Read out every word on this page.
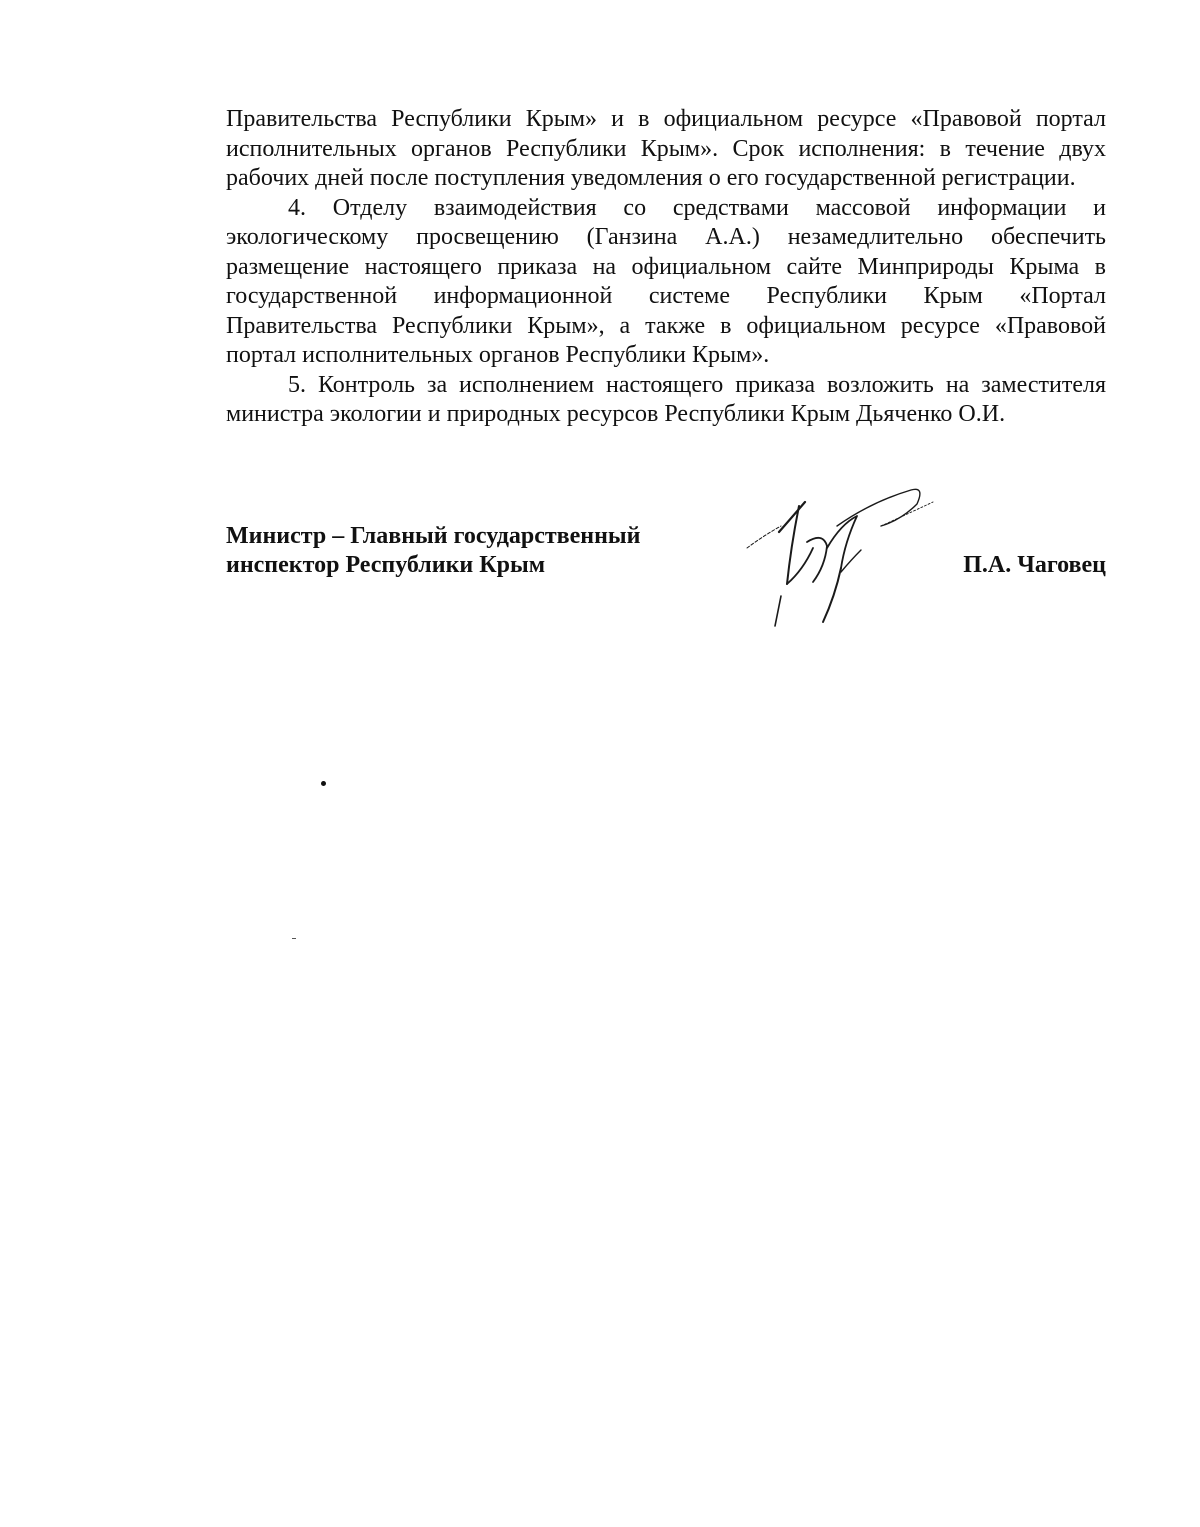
Правительства Республики Крым» и в официальном ресурсе «Правовой портал исполнительных органов Республики Крым». Срок исполнения: в течение двух рабочих дней после поступления уведомления о его государственной регистрации.

4. Отделу взаимодействия со средствами массовой информации и экологическому просвещению (Ганзина А.А.) незамедлительно обеспечить размещение настоящего приказа на официальном сайте Минприроды Крыма в государственной информационной системе Республики Крым «Портал Правительства Республики Крым», а также в официальном ресурсе «Правовой портал исполнительных органов Республики Крым».

5. Контроль за исполнением настоящего приказа возложить на заместителя министра экологии и природных ресурсов Республики Крым Дьяченко О.И.

Министр – Главный государственный
инспектор Республики Крым	П.А. Чаговец
